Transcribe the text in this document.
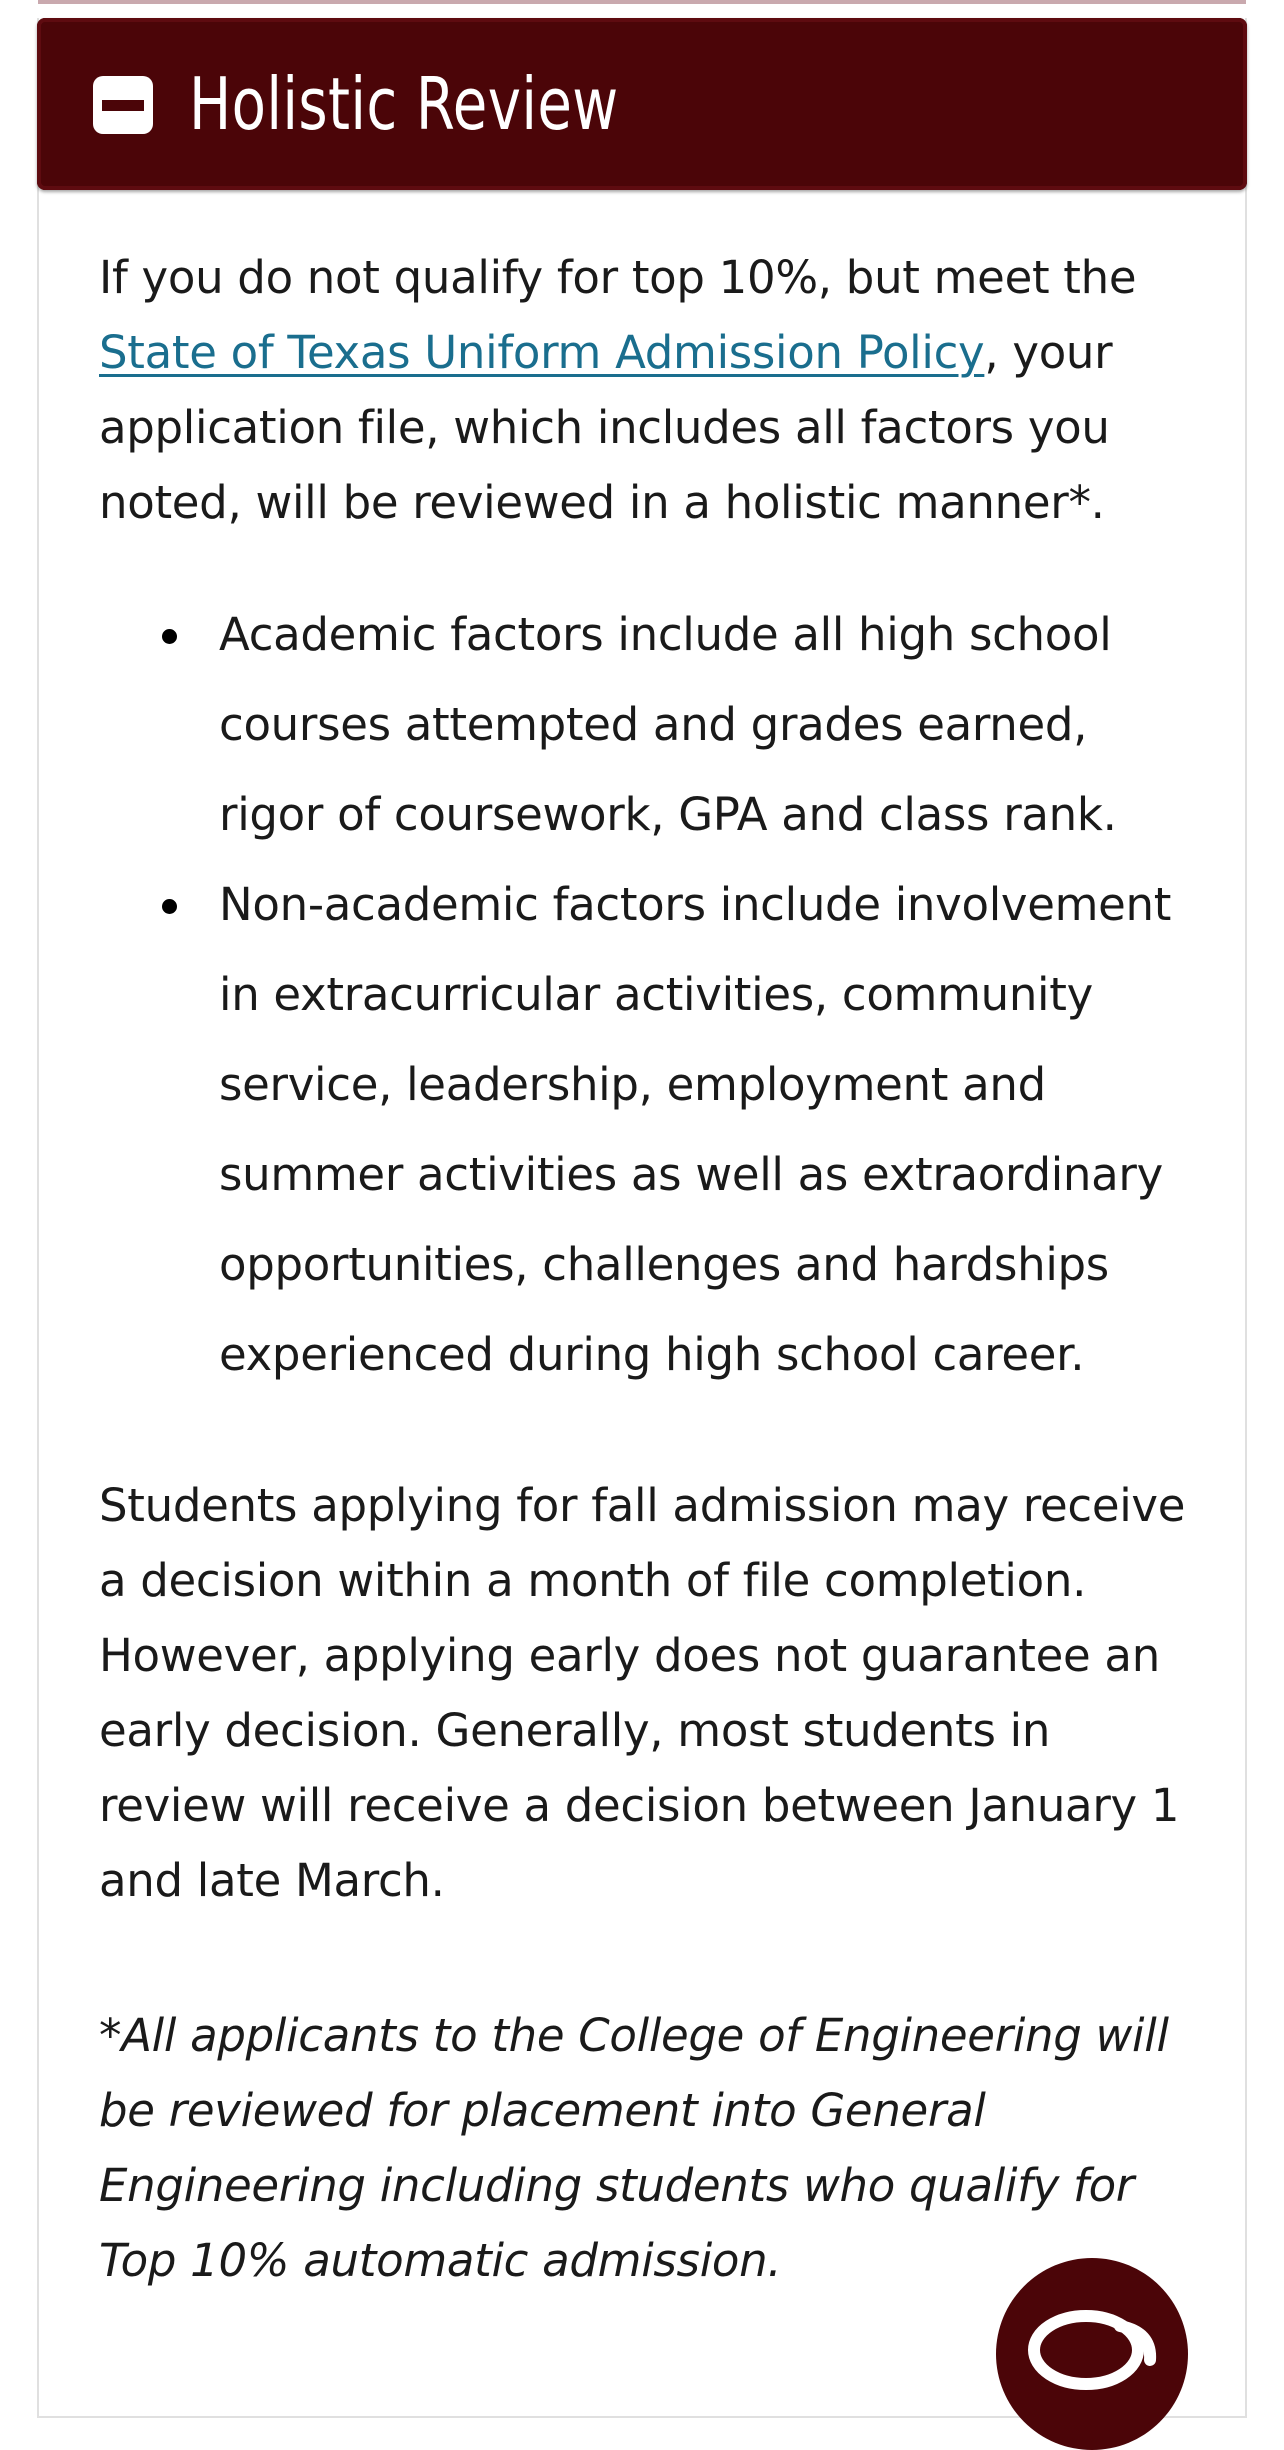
Holistic Review

If you do not qualify for top 10%, but meet the State of Texas Uniform Admission Policy, your application file, which includes all factors you noted, will be reviewed in a holistic manner*.

Academic factors include all high school courses attempted and grades earned, rigor of coursework, GPA and class rank.
Non-academic factors include involvement in extracurricular activities, community service, leadership, employment and summer activities as well as extraordinary opportunities, challenges and hardships experienced during high school career.

Students applying for fall admission may receive a decision within a month of file completion. However, applying early does not guarantee an early decision. Generally, most students in review will receive a decision between January 1 and late March.

*All applicants to the College of Engineering will be reviewed for placement into General Engineering including students who qualify for Top 10% automatic admission.
